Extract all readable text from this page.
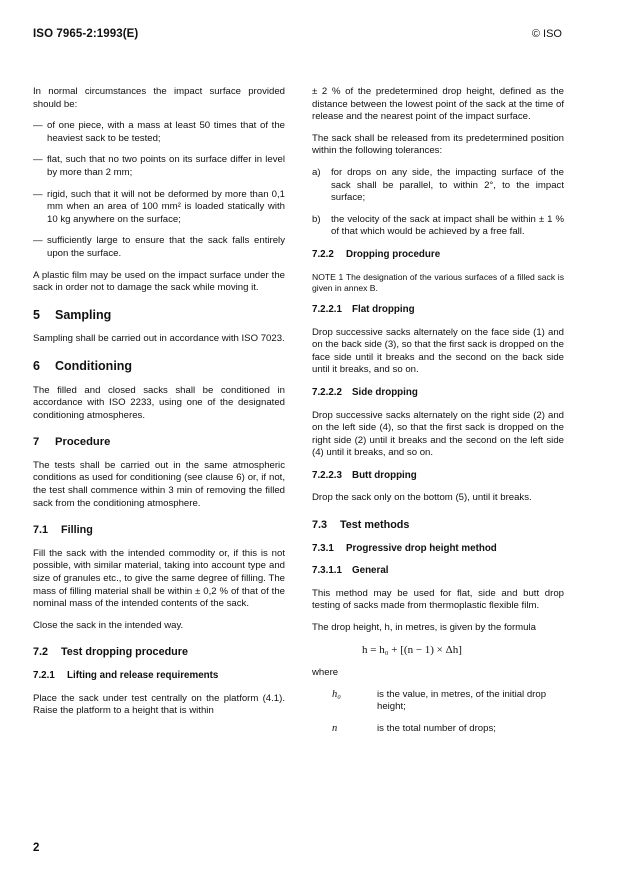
ISO 7965-2:1993(E)	© ISO

In normal circumstances the impact surface provided should be:

— of one piece, with a mass at least 50 times that of the heaviest sack to be tested;
— flat, such that no two points on its surface differ in level by more than 2 mm;
— rigid, such that it will not be deformed by more than 0,1 mm when an area of 100 mm² is loaded statically with 10 kg anywhere on the surface;
— sufficiently large to ensure that the sack falls entirely upon the surface.

A plastic film may be used on the impact surface under the sack in order not to damage the sack while moving it.

5	Sampling

Sampling shall be carried out in accordance with ISO 7023.

6	Conditioning

The filled and closed sacks shall be conditioned in accordance with ISO 2233, using one of the designated conditioning atmospheres.

7	Procedure

The tests shall be carried out in the same atmospheric conditions as used for conditioning (see clause 6) or, if not, the test shall commence within 3 min of removing the filled sack from the conditioning atmosphere.

7.1	Filling

Fill the sack with the intended commodity or, if this is not possible, with similar material, taking into account type and size of granules etc., to give the same degree of filling. The mass of filling material shall be within ± 0,2 % of that of the nominal mass of the intended contents of the sack.

Close the sack in the intended way.

7.2	Test dropping procedure
7.2.1	Lifting and release requirements

Place the sack under test centrally on the platform (4.1). Raise the platform to a height that is within

± 2 % of the predetermined drop height, defined as the distance between the lowest point of the sack at the time of release and the nearest point of the impact surface.

The sack shall be released from its predetermined position within the following tolerances:

a)	for drops on any side, the impacting surface of the sack shall be parallel, to within 2°, to the impact surface;
b)	the velocity of the sack at impact shall be within ± 1 % of that which would be achieved by a free fall.
7.2.2	Dropping procedure

NOTE 1 The designation of the various surfaces of a filled sack is given in annex B.

7.2.2.1	Flat dropping

Drop successive sacks alternately on the face side (1) and on the back side (3), so that the first sack is dropped on the face side until it breaks and the second on the back side until it breaks, and so on.

7.2.2.2	Side dropping

Drop successive sacks alternately on the right side (2) and on the left side (4), so that the first sack is dropped on the right side (2) until it breaks and the second on the left side (4) until it breaks, and so on.

7.2.2.3	Butt dropping

Drop the sack only on the bottom (5), until it breaks.

7.3	Test methods
7.3.1	Progressive drop height method
7.3.1.1	General

This method may be used for flat, side and butt drop testing of sacks made from thermoplastic flexible film.

The drop height, h, in metres, is given by the formula

h = h₀ + [(n − 1) × Δh]
where
h₀	is the value, in metres, of the initial drop height;
n	is the total number of drops;
2
